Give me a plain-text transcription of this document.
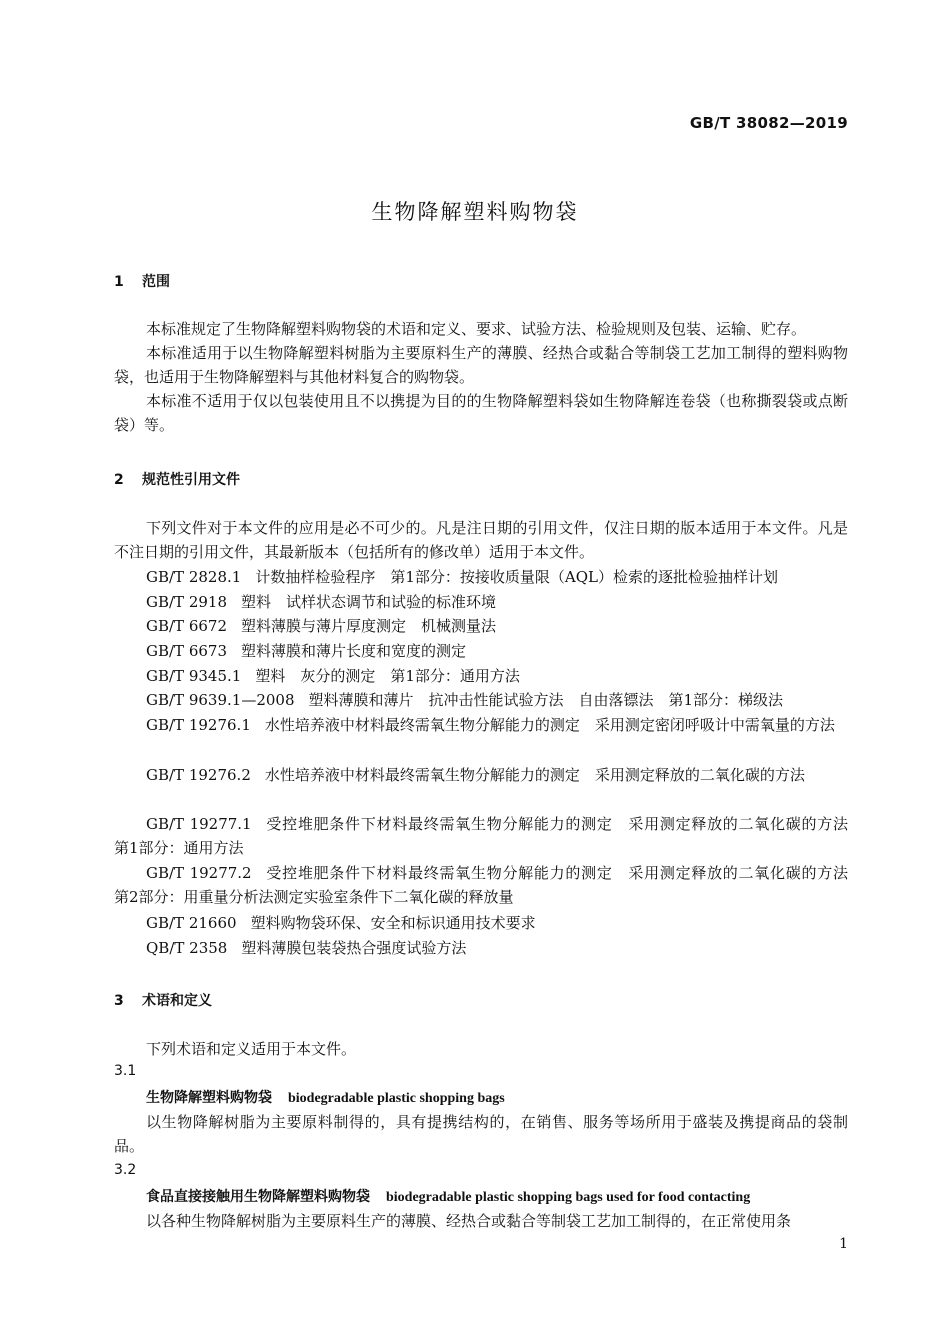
GB/T 38082—2019
生物降解塑料购物袋
1 范围

本标准规定了生物降解塑料购物袋的术语和定义、要求、试验方法、检验规则及包装、运输、贮存。

本标准适用于以生物降解塑料树脂为主要原料生产的薄膜、经热合或黏合等制袋工艺加工制得的塑料购物袋，也适用于生物降解塑料与其他材料复合的购物袋。

本标准不适用于仅以包装使用且不以携提为目的的生物降解塑料袋如生物降解连卷袋（也称撕裂袋或点断袋）等。

2 规范性引用文件

下列文件对于本文件的应用是必不可少的。凡是注日期的引用文件，仅注日期的版本适用于本文件。凡是不注日期的引用文件，其最新版本（包括所有的修改单）适用于本文件。

GB/T 2828.1 计数抽样检验程序　第1部分：按接收质量限（AQL）检索的逐批检验抽样计划
GB/T 2918 塑料　试样状态调节和试验的标准环境
GB/T 6672 塑料薄膜与薄片厚度测定　机械测量法
GB/T 6673 塑料薄膜和薄片长度和宽度的测定
GB/T 9345.1 塑料　灰分的测定　第1部分：通用方法
GB/T 9639.1—2008 塑料薄膜和薄片　抗冲击性能试验方法　自由落镖法　第1部分：梯级法
GB/T 19276.1 水性培养液中材料最终需氧生物分解能力的测定　采用测定密闭呼吸计中需氧量的方法
GB/T 19276.2 水性培养液中材料最终需氧生物分解能力的测定　采用测定释放的二氧化碳的方法
GB/T 19277.1 受控堆肥条件下材料最终需氧生物分解能力的测定　采用测定释放的二氧化碳的方法　第1部分：通用方法
GB/T 19277.2 受控堆肥条件下材料最终需氧生物分解能力的测定　采用测定释放的二氧化碳的方法　第2部分：用重量分析法测定实验室条件下二氧化碳的释放量
GB/T 21660 塑料购物袋环保、安全和标识通用技术要求
QB/T 2358 塑料薄膜包装袋热合强度试验方法
3 术语和定义

下列术语和定义适用于本文件。

3.1
生物降解塑料购物袋 biodegradable plastic shopping bags

以生物降解树脂为主要原料制得的，具有提携结构的，在销售、服务等场所用于盛装及携提商品的袋制品。

3.2
食品直接接触用生物降解塑料购物袋 biodegradable plastic shopping bags used for food contacting

以各种生物降解树脂为主要原料生产的薄膜、经热合或黏合等制袋工艺加工制得的，在正常使用条

1
